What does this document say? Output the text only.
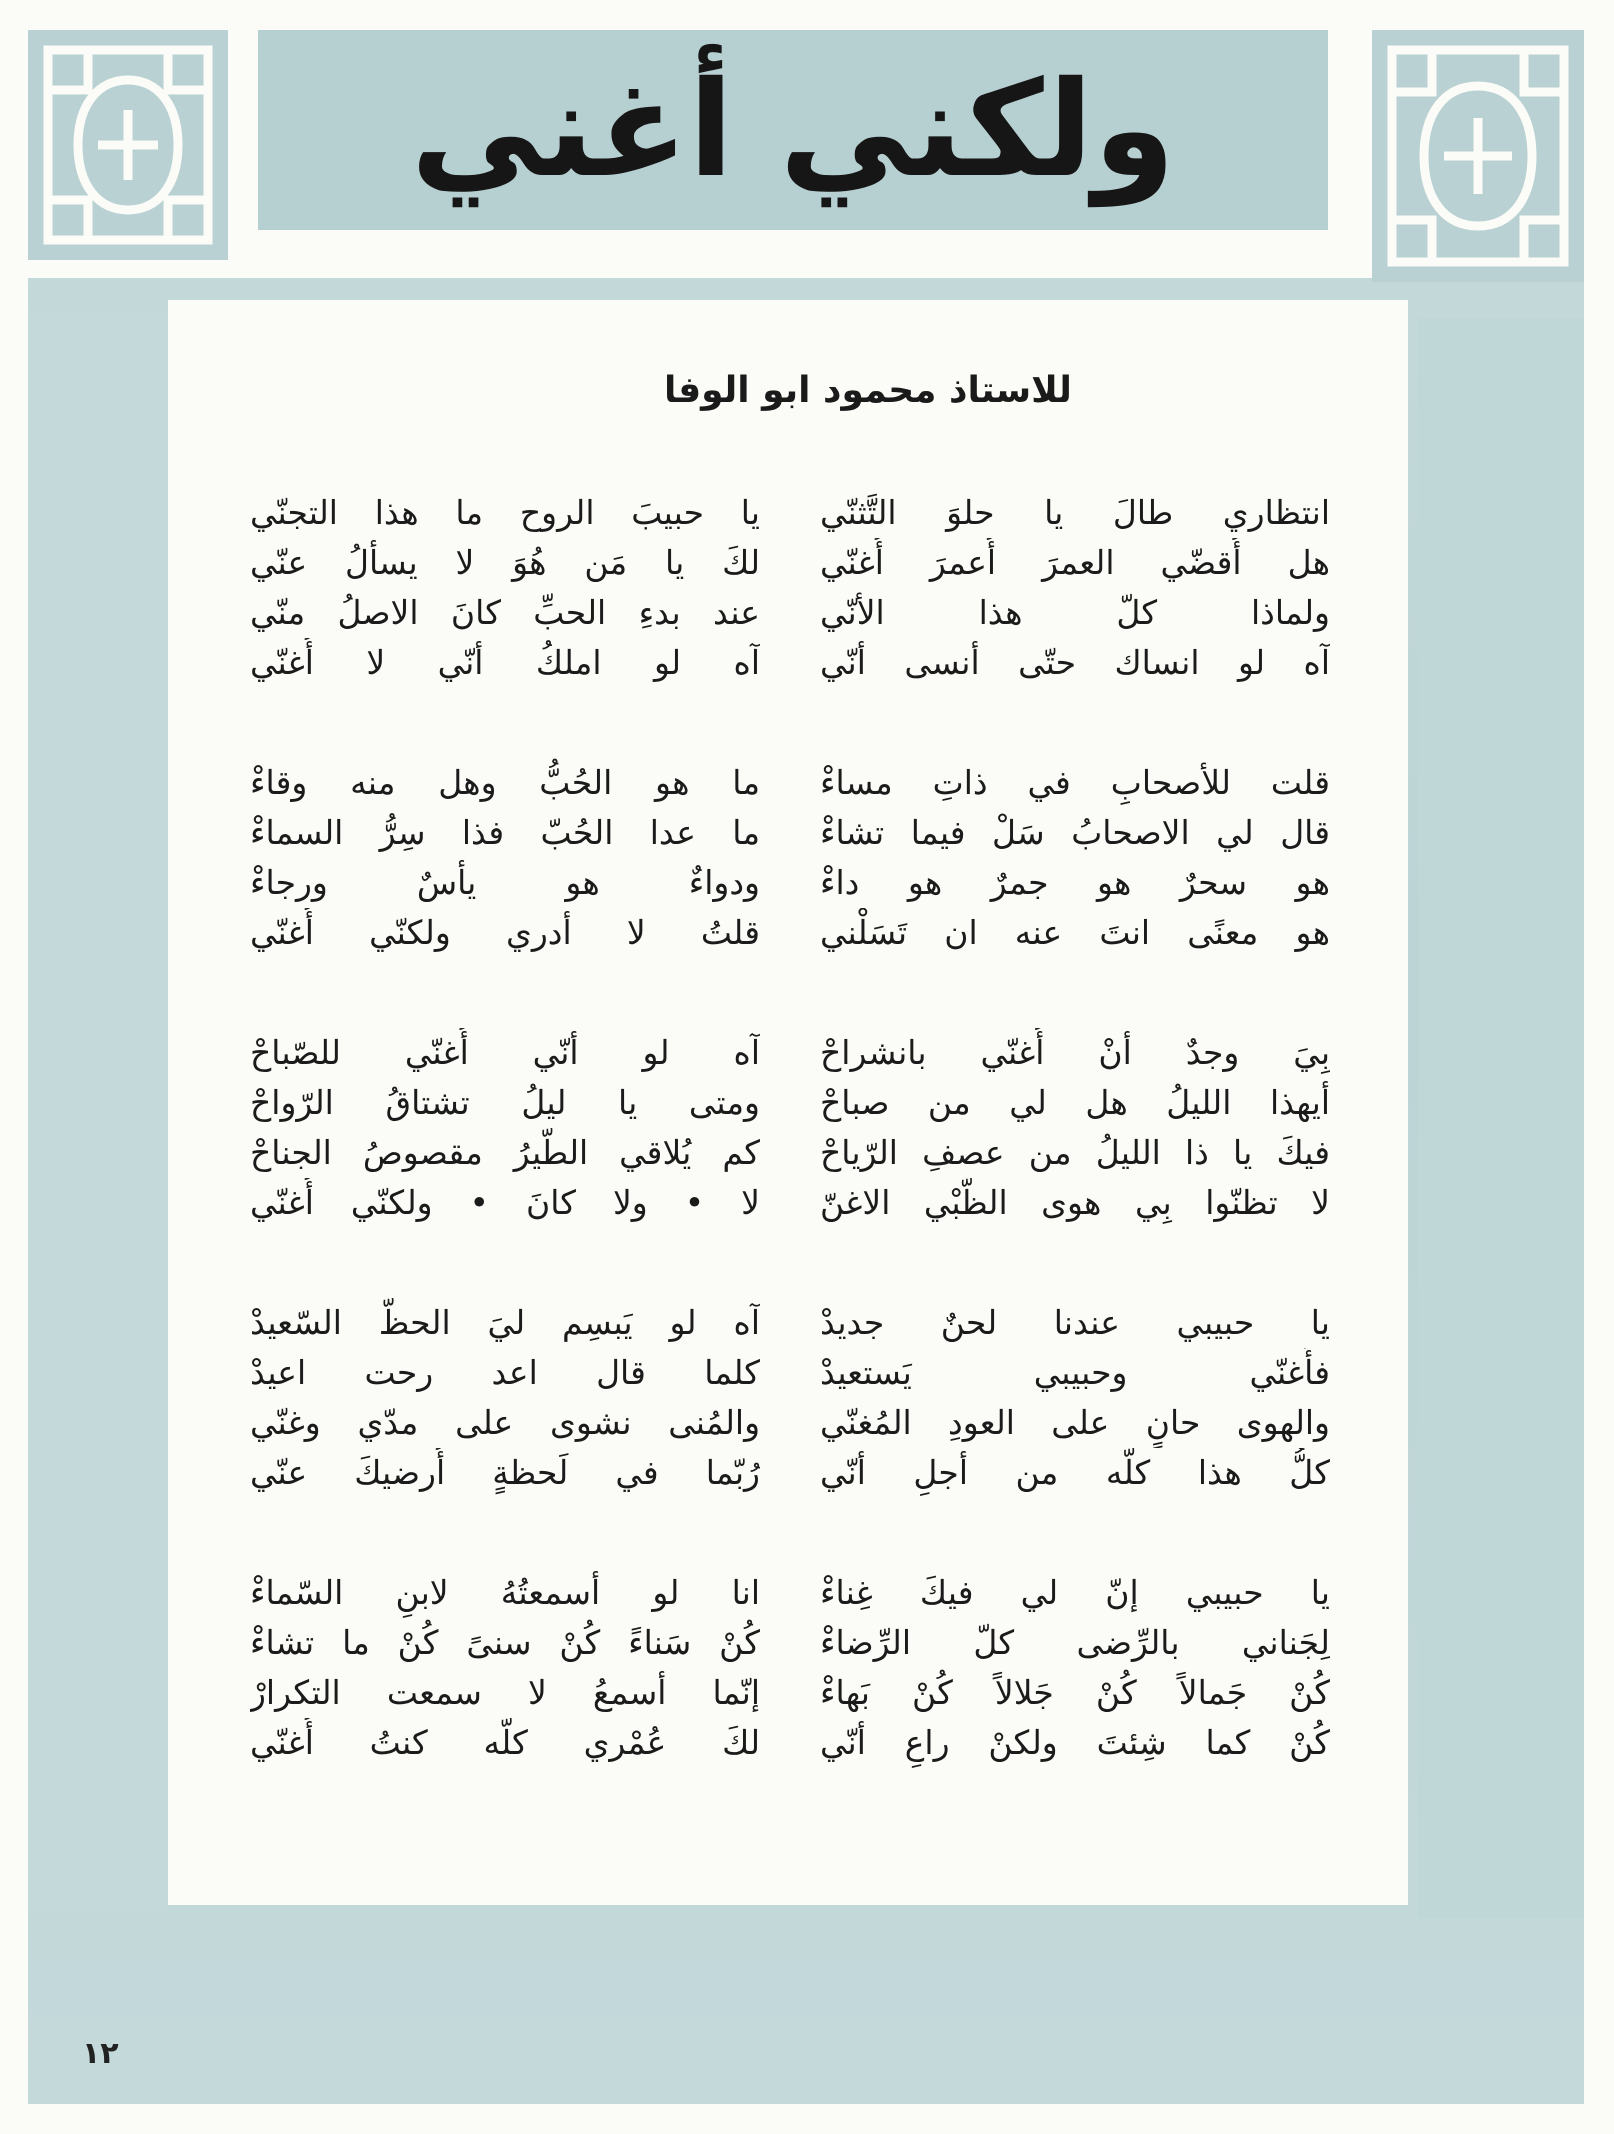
ولكني أغني
للاستاذ محمود ابو الوفا
انتظاري طالَ يا حلوَ التَّثنّي
هل أُقضّي العمرَ أُعمرَ أُغنّي
ولماذا كلّ هذا الأنّي
آه لو انساك حتّى أنسى أنّي
يا حبيبَ الروح ما هذا التجنّي
لكَ يا مَن هُوَ لا يسألُ عنّي
عند بدءِ الحبِّ كانَ الاصلُ منّي
آه لو املكُ أنّي لا أُغنّي
قلت للأصحابِ في ذاتِ مساءْ
قال لي الاصحابُ سَلْ فيما تشاءْ
هو سحرٌ هو جمرٌ هو داءْ
هو معنًى انتَ عنه ان تَسَلْني
ما هو الحُبُّ وهل منه وقاءْ
ما عدا الحُبّ فذا سِرُّ السماءْ
ودواءٌ هو يأسٌ ورجاءْ
قلتُ لا أدري ولكنّي أُغنّي
بِيَ وجدٌ أنْ أُغنّي بانشراحْ
أيهذا الليلُ هل لي من صباحْ
فيكَ يا ذا الليلُ من عصفِ الرّياحْ
لا تظنّوا بِي هوى الظّبْي الاغنّ
آه لو أنّي أُغنّي للصّباحْ
ومتى يا ليلُ تشتاقُ الرّواحْ
كم يُلاقي الطّيرُ مقصوصُ الجناحْ
لا • ولا كانَ • ولكنّي أُغنّي
يا حبيبي عندنا لحنٌ جديدْ
فأُغنّي وحبيبي يَستعيدْ
والهوى حانٍ على العودِ المُغنّي
كلُّ هذا كلُّه من أجلِ أنّي
آه لو يَبسِم ليَ الحظُّ السّعيدْ
كلما قال اعد رحت اعيدْ
والمُنى نشوى على مدّي وغنّي
رُبّما في لَحظةٍ أُرضيكَ عنّي
يا حبيبي إنّ لي فيكَ غِناءْ
لِجَناني بالرِّضى كلّ الرِّضاءْ
كُنْ جَمالاً كُنْ جَلالاً كُنْ بَهاءْ
كُنْ كما شِئتَ ولكنْ راعِ أنّي
انا لو أسمعتُهُ لابنِ السّماءْ
كُنْ سَناءً كُنْ سنىً كُنْ ما تشاءْ
إنّما أسمعُ لا سمعت التكرارْ
لكَ عُمْري كلّه كنتُ أُغنّي
١٢
